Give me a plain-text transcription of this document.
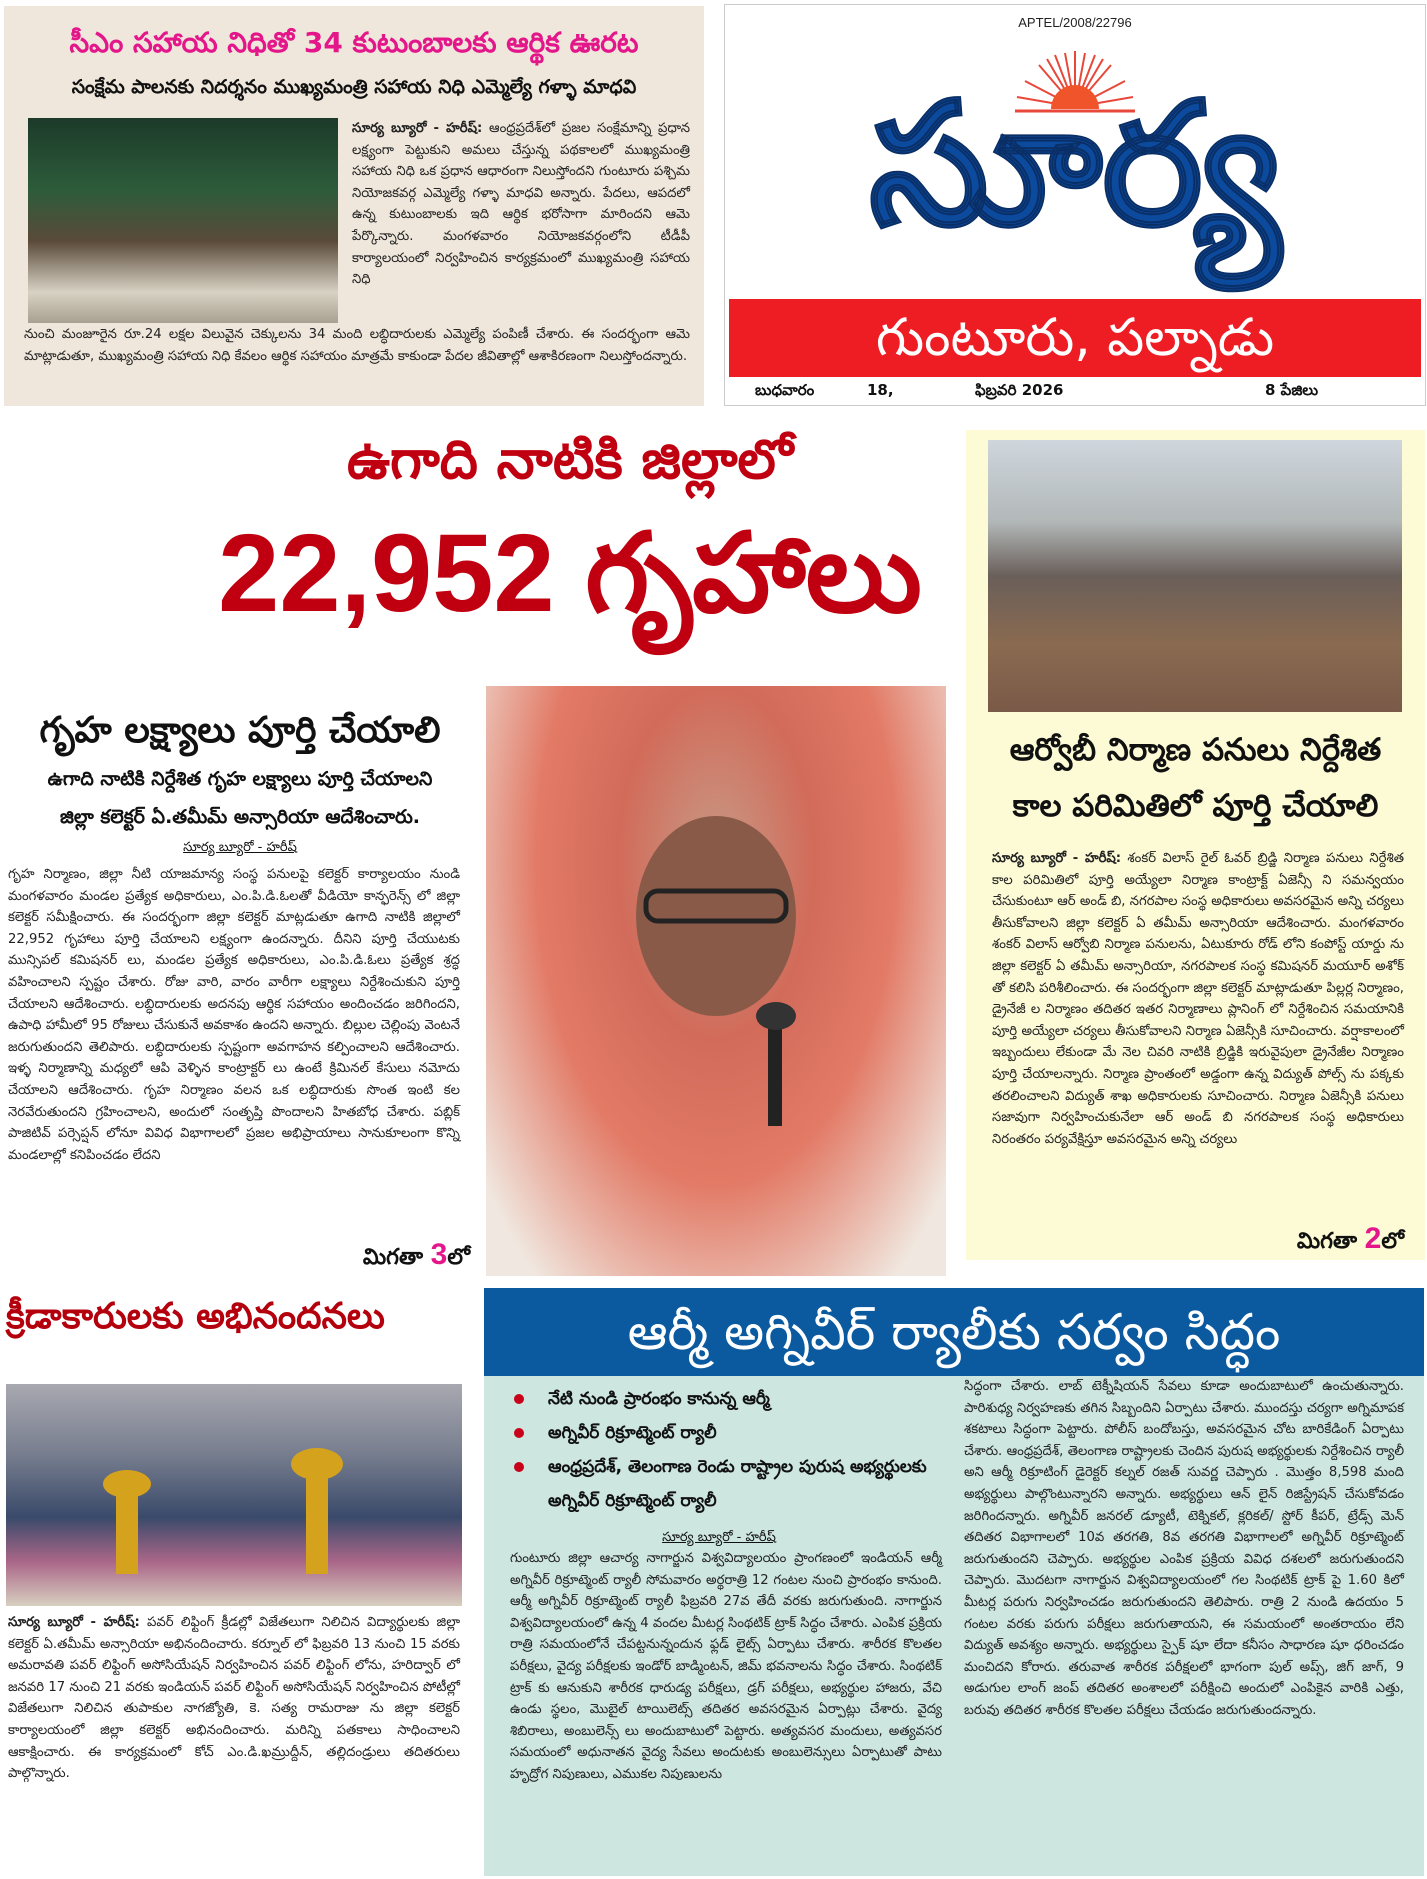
సీఎం సహాయ నిధితో 34 కుటుంబాలకు ఆర్థిక ఊరట
సంక్షేమ పాలనకు నిదర్శనం ముఖ్యమంత్రి సహాయ నిధి ఎమ్మెల్యే గళ్ళా మాధవి
సూర్య బ్యూరో - హరీష్: ఆంధ్రప్రదేశ్‌లో ప్రజల సంక్షేమాన్ని ప్రధాన లక్ష్యంగా పెట్టుకుని అమలు చేస్తున్న పథకాలలో ముఖ్యమంత్రి సహాయ నిధి ఒక ప్రధాన ఆధారంగా నిలుస్తోందని గుంటూరు పశ్చిమ నియోజకవర్గ ఎమ్మెల్యే గళ్ళా మాధవి అన్నారు. పేదలు, ఆపదలో ఉన్న కుటుంబాలకు ఇది ఆర్థిక భరోసాగా మారిందని ఆమె పేర్కొన్నారు. మంగళవారం నియోజకవర్గంలోని టీడీపీ కార్యాలయంలో నిర్వహించిన కార్యక్రమంలో ముఖ్యమంత్రి సహాయ నిధి
నుంచి మంజూరైన రూ.24 లక్షల విలువైన చెక్కులను 34 మంది లబ్ధిదారులకు ఎమ్మెల్యే పంపిణీ చేశారు. ఈ సందర్భంగా ఆమె మాట్లాడుతూ, ముఖ్యమంత్రి సహాయ నిధి కేవలం ఆర్థిక సహాయం మాత్రమే కాకుండా పేదల జీవితాల్లో ఆశాకిరణంగా నిలుస్తోందన్నారు.
APTEL/2008/22796
సూర్య
గుంటూరు, పల్నాడు
బుధవారం	18,	ఫిబ్రవరి 2026	8 పేజిలు
ఉగాది నాటికి జిల్లాలో
22,952 గృహాలు
ఆర్వోబీ నిర్మాణ పనులు నిర్దేశిత
కాల పరిమితిలో పూర్తి చేయాలి
సూర్య బ్యూరో - హరీష్: శంకర్ విలాస్ రైల్ ఓవర్ బ్రిడ్జి నిర్మాణ పనులు నిర్దేశిత కాల పరిమితిలో పూర్తి అయ్యేలా నిర్మాణ కాంట్రాక్ట్ ఏజెన్సీ ని సమన్వయం చేసుకుంటూ ఆర్ అండ్ బి, నగరపాల సంస్థ అధికారులు అవసరమైన అన్ని చర్యలు తీసుకోవాలని జిల్లా కలెక్టర్ ఏ తమీమ్ అన్సారియా ఆదేశించారు. మంగళవారం శంకర్ విలాస్ ఆర్వోబి నిర్మాణ పనులను, ఏటుకూరు రోడ్ లోని కంపోస్ట్ యార్డు ను జిల్లా కలెక్టర్ ఏ తమీమ్ అన్సారియా, నగరపాలక సంస్థ కమిషనర్ మయూర్ అశోక్ తో కలిసి పరిశీలించారు. ఈ సందర్భంగా జిల్లా కలెక్టర్ మాట్లాడుతూ పిల్లర్ల నిర్మాణం, డ్రైనేజీ ల నిర్మాణం తదితర ఇతర నిర్మాణాలు ప్లానింగ్ లో నిర్దేశించిన సమయానికి పూర్తి అయ్యేలా చర్యలు తీసుకోవాలని నిర్మాణ ఏజెన్సీకి సూచించారు. వర్షాకాలంలో ఇబ్బందులు లేకుండా మే నెల చివరి నాటికి బ్రిడ్జికి ఇరువైపులా డ్రైనేజీల నిర్మాణం పూర్తి చేయాలన్నారు. నిర్మాణ ప్రాంతంలో అడ్డంగా ఉన్న విద్యుత్ పోల్స్ ను పక్కకు తరలించాలని విద్యుత్ శాఖ అధికారులకు సూచించారు. నిర్మాణ ఏజెన్సీకి పనులు సజావుగా నిర్వహించుకునేలా ఆర్ అండ్ బి నగరపాలక సంస్థ అధికారులు నిరంతరం పర్యవేక్షిస్తూ అవసరమైన అన్ని చర్యలు
మిగతా 2లో
గృహ లక్ష్యాలు పూర్తి చేయాలి
ఉగాది నాటికి నిర్దేశిత గృహ లక్ష్యాలు పూర్తి చేయాలని
జిల్లా కలెక్టర్ ఏ.తమీమ్ అన్సారియా ఆదేశించారు.
సూర్య బ్యూరో - హరీష్
గృహ నిర్మాణం, జిల్లా నీటి యాజమాన్య సంస్థ పనులపై కలెక్టర్ కార్యాలయం నుండి మంగళవారం మండల ప్రత్యేక అధికారులు, ఎం.పి.డి.ఓలతో వీడియో కాన్ఫరెన్స్ లో జిల్లా కలెక్టర్ సమీక్షించారు. ఈ సందర్భంగా జిల్లా కలెక్టర్ మాట్లడుతూ ఉగాది నాటికి జిల్లాలో 22,952 గృహాలు పూర్తి చేయాలని లక్ష్యంగా ఉందన్నారు. దీనిని పూర్తి చేయుటకు మున్సిపల్ కమిషనర్ లు, మండల ప్రత్యేక అధికారులు, ఎం.పి.డి.ఓలు ప్రత్యేక శ్రద్ధ వహించాలని స్పష్టం చేశారు. రోజు వారి, వారం వారీగా లక్ష్యాలు నిర్దేశించుకుని పూర్తి చేయాలని ఆదేశించారు. లబ్ధిదారులకు అదనపు ఆర్థిక సహాయం అందించడం జరిగిందని, ఉపాధి హామీలో 95 రోజులు చేసుకునే అవకాశం ఉందని అన్నారు. బిల్లుల చెల్లింపు వెంటనే జరుగుతుందని తెలిపారు. లబ్ధిదారులకు స్పష్టంగా అవగాహన కల్పించాలని ఆదేశించారు. ఇళ్ళ నిర్మాణాన్ని మధ్యలో ఆపి వెళ్ళిన కాంట్రాక్టర్ లు ఉంటే క్రిమినల్ కేసులు నమోదు చేయాలని ఆదేశించారు. గృహ నిర్మాణం వలన ఒక లబ్ధిదారుకు సొంత ఇంటి కల నెరవేరుతుందని గ్రహించాలని, అందులో సంతృప్తి పొందాలని హితబోధ చేశారు. పబ్లిక్ పాజిటివ్ పర్సెప్షన్ లోనూ వివిధ విభాగాలలో ప్రజల అభిప్రాయాలు సానుకూలంగా కొన్ని మండలాల్లో కనిపించడం లేదని
మిగతా 3లో
క్రీడాకారులకు అభినందనలు
సూర్య బ్యూరో - హరీష్: పవర్ లిఫ్టింగ్ క్రీడల్లో విజేతలుగా నిలిచిన విద్యార్థులకు జిల్లా కలెక్టర్ ఏ.తమీమ్ అన్సారియా అభినందించారు. కర్నూల్ లో ఫిబ్రవరి 13 నుంచి 15 వరకు అమరావతి పవర్ లిఫ్టింగ్ అసోసియేషన్ నిర్వహించిన పవర్ లిఫ్టింగ్ లోను, హరిద్వార్ లో జనవరి 17 నుంచి 21 వరకు ఇండియన్ పవర్ లిఫ్టింగ్ అసోసియేషన్ నిర్వహించిన పోటీల్లో విజేతలుగా నిలిచిన తుపాకుల నాగజ్యోతి, కె. సత్య రామరాజు ను జిల్లా కలెక్టర్ కార్యాలయంలో జిల్లా కలెక్టర్ అభినందించారు. మరిన్ని పతకాలు సాధించాలని ఆకాక్షించారు. ఈ కార్యక్రమంలో కోచ్ ఎం.డి.ఖమ్రుద్దీన్, తల్లిదండ్రులు తదితరులు పాల్గొన్నారు.
ఆర్మీ అగ్నివీర్ ర్యాలీకు సర్వం సిద్ధం
నేటి నుండి ప్రారంభం కానున్న ఆర్మీ
అగ్నివీర్ రిక్రూట్మెంట్ ర్యాలీ
ఆంధ్రప్రదేశ్, తెలంగాణ రెండు రాష్ట్రాల పురుష అభ్యర్థులకు
అగ్నివీర్ రిక్రూట్మెంట్ ర్యాలీ
సూర్య బ్యూరో - హరీష్
గుంటూరు జిల్లా ఆచార్య నాగార్జున విశ్వవిద్యాలయం ప్రాంగణంలో ఇండియన్ ఆర్మీ అగ్నివీర్ రిక్రూట్మెంట్ ర్యాలీ సోమవారం అర్థరాత్రి 12 గంటల నుంచి ప్రారంభం కానుంది. ఆర్మీ అగ్నివీర్ రిక్రూట్మెంట్ ర్యాలీ ఫిబ్రవరి 27వ తేదీ వరకు జరుగుతుంది. నాగార్జున విశ్వవిద్యాలయంలో ఉన్న 4 వందల మీటర్ల సింథటిక్ ట్రాక్ సిద్ధం చేశారు. ఎంపిక ప్రక్రియ రాత్రి సమయంలోనే చేపట్టనున్నందున ఫ్లడ్ లైట్స్ ఏర్పాటు చేశారు. శారీరక కొలతల పరీక్షలు, వైద్య పరీక్షలకు ఇండోర్ బాడ్మింటన్, జిమ్ భవనాలను సిద్ధం చేశారు. సింథటిక్ ట్రాక్ కు ఆనుకుని శారీరక ధారుడ్య పరీక్షలు, డ్రగ్ పరీక్షలు, అభ్యర్థుల హాజరు, వేచి ఉండు స్థలం, మొబైల్ టాయిలెట్స్ తదితర అవసరమైన ఏర్పాట్లు చేశారు. వైద్య శిబిరాలు, అంబులెన్స్ లు అందుబాటులో పెట్టారు. అత్యవసర మందులు, అత్యవసర సమయంలో అధునాతన వైద్య సేవలు అందుటకు అంబులెన్సులు ఏర్పాటుతో పాటు హృద్రోగ నిపుణులు, ఎముకల నిపుణులను
సిద్ధంగా చేశారు. లాబ్ టెక్నీషియన్ సేవలు కూడా అందుబాటులో ఉంచుతున్నారు. పారిశుధ్య నిర్వహణకు తగిన సిబ్బందిని ఏర్పాటు చేశారు. ముందస్తు చర్యగా అగ్నిమాపక శకటాలు సిద్ధంగా పెట్టారు. పోలీస్ బందోబస్తు, అవసరమైన చోట బారికేడింగ్ ఏర్పాటు చేశారు. ఆంధ్రప్రదేశ్, తెలంగాణ రాష్ట్రాలకు చెందిన పురుష అభ్యర్థులకు నిర్దేశించిన ర్యాలీ అని ఆర్మీ రిక్రూటింగ్ డైరెక్టర్ కల్నల్ రజత్ సువర్ణ చెప్పారు . మొత్తం 8,598 మంది అభ్యర్థులు పాల్గొంటున్నారని అన్నారు. అభ్యర్థులు ఆన్ లైన్ రిజిస్ట్రేషన్ చేసుకోవడం జరిగిందన్నారు. అగ్నివీర్ జనరల్ డ్యూటీ, టెక్నికల్, క్లరికల్/ స్టోర్ కీపర్, ట్రేడ్స్ మెన్ తదితర విభాగాలలో 10వ తరగతి, 8వ తరగతి విభాగాలలో అగ్నివీర్ రిక్రూట్మెంట్ జరుగుతుందని చెప్పారు. అభ్యర్థుల ఎంపిక ప్రక్రియ వివిధ దశలలో జరుగుతుందని చెప్పారు. మొదటగా నాగార్జున విశ్వవిద్యాలయంలో గల సింథటిక్ ట్రాక్ పై 1.60 కిలో మీటర్ల పరుగు నిర్వహించడం జరుగుతుందని తెలిపారు. రాత్రి 2 నుండి ఉదయం 5 గంటల వరకు పరుగు పరీక్షలు జరుగుతాయని, ఈ సమయంలో అంతరాయం లేని విద్యుత్ అవశ్యం అన్నారు. అభ్యర్థులు స్పైక్ షూ లేదా కనీసం సాధారణ షూ ధరించడం మంచిదని కోరారు. తరువాత శారీరక పరీక్షలలో భాగంగా పుల్ అప్స్, జిగ్ జాగ్, 9 అడుగుల లాంగ్ జంప్ తదితర అంశాలలో పరీక్షించి అందులో ఎంపికైన వారికి ఎత్తు, బరువు తదితర శారీరక కొలతల పరీక్షలు చేయడం జరుగుతుందన్నారు.
